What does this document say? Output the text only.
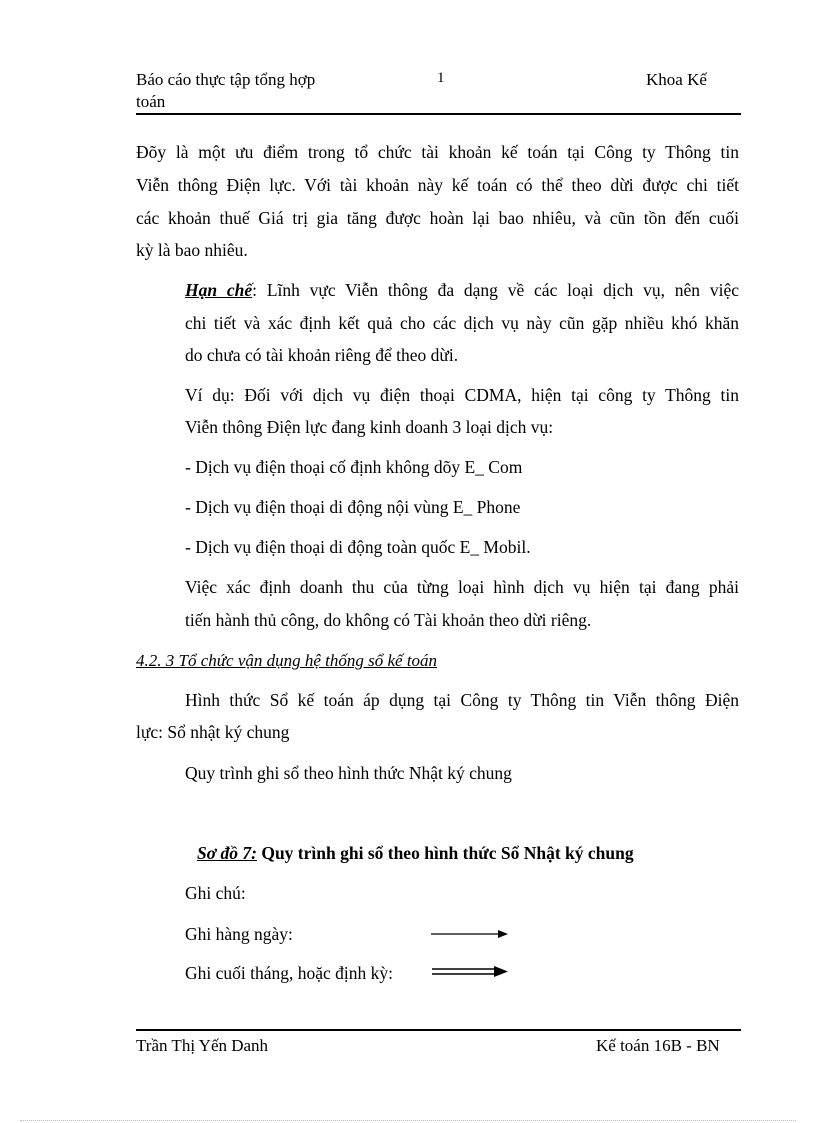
Báo cáo thực tập tổng hợp
toán
1	Khoa Kế
Đõy là một ưu điểm trong tổ chức tài khoản kế toán tại Công ty Thông tin
Viễn thông Điện lực. Với tài khoản này kế toán có thể theo dừi được chi tiết
các khoản thuế Giá trị gia tăng được hoàn lại bao nhiêu, và cũn tồn đến cuối
kỳ là bao nhiêu.
Hạn chế: Lĩnh vực Viễn thông đa dạng về các loại dịch vụ, nên việc
chi tiết và xác định kết quả cho các dịch vụ này cũn gặp nhiều khó khăn
do chưa có tài khoản riêng để theo dừi.
Ví dụ: Đối với dịch vụ điện thoại CDMA, hiện tại công ty Thông tin
Viễn thông Điện lực đang kinh doanh 3 loại dịch vụ:
- Dịch vụ điện thoại cố định không dõy E_ Com
- Dịch vụ điện thoại di động nội vùng E_ Phone
- Dịch vụ điện thoại di động toàn quốc E_ Mobil.
Việc xác định doanh thu của từng loại hình dịch vụ hiện tại đang phải
tiến hành thủ công, do không có Tài khoản theo dừi riêng.
4.2. 3 Tổ chức vận dụng hệ thống sổ kế toán
Hình thức Sổ kế toán áp dụng tại Công ty Thông tin Viễn thông Điện
lực: Sổ nhật ký chung
Quy trình ghi sổ theo hình thức Nhật ký chung
Sơ đồ 7: Quy trình ghi sổ theo hình thức Sổ Nhật ký chung
Ghi chú:
Ghi hàng ngày:
Ghi cuối tháng, hoặc định kỳ:
Trần Thị Yến Danh	Kế toán 16B - BN
